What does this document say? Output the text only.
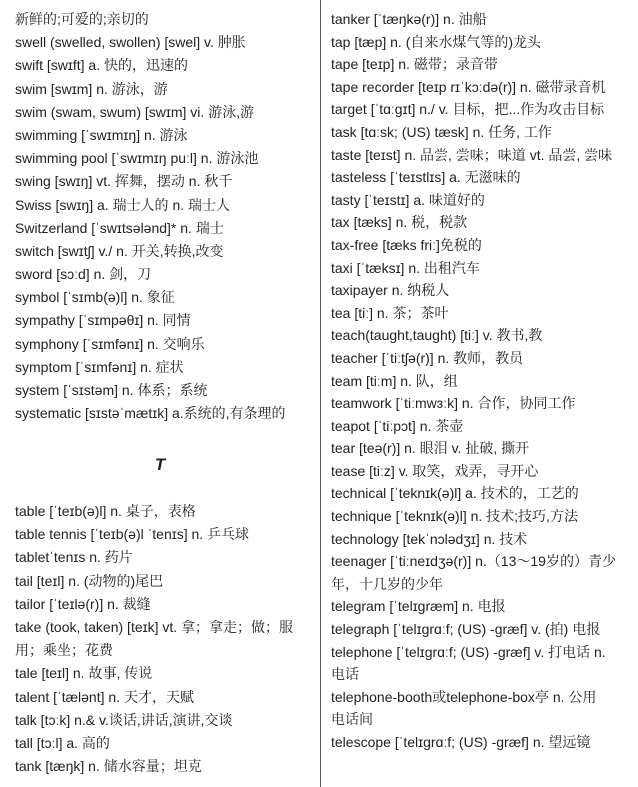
新鲜的;可爱的;亲切的
swell (swelled, swollen) [swel] v. 肿胀
swift [swɪft] a. 快的，迅速的
swim [swɪm] n. 游泳，游
swim (swam, swum) [swɪm] vi. 游泳,游
swimming [ˈswɪmɪŋ] n. 游泳
swimming pool [ˈswɪmɪŋ puːl] n. 游泳池
swing [swɪŋ] vt. 挥舞，摆动 n. 秋千
Swiss [swɪŋ] a. 瑞士人的 n. 瑞士人
Switzerland [ˈswɪtsələnd]* n. 瑞士
switch [swɪtʃ] v./ n. 开关,转换,改变
sword [sɔːd] n. 剑，刀
symbol [ˈsɪmb(ə)l] n. 象征
sympathy [ˈsɪmpəθɪ] n. 同情
symphony [ˈsɪmfənɪ] n. 交响乐
symptom [ˈsɪmfənɪ] n. 症状
system [ˈsɪstəm] n. 体系；系统
systematic [sɪstəˈmætɪk] a.系统的,有条理的
T
table [ˈteɪb(ə)l] n. 桌子，表格
table tennis [ˈteɪb(ə)l ˈtenɪs] n. 乒乓球
tabletˈtenɪs n. 药片
tail [teɪl] n. (动物的)尾巴
tailor [ˈteɪlə(r)] n. 裁缝
take (took, taken) [teɪk] vt. 拿；拿走；做；服
用；乘坐；花费
tale [teɪl] n. 故事, 传说
talent [ˈtælənt] n. 天才，天赋
talk [tɔːk] n.& v.谈话,讲话,演讲,交谈
tall [tɔːl] a. 高的
tank [tæŋk] n. 储水容量；坦克
tanker [ˈtæŋkə(r)] n. 油船
tap [tæp] n. (自来水煤气等的)龙头
tape [teɪp] n. 磁带；录音带
tape recorder [teɪp rɪˈkɔːdə(r)] n. 磁带录音机
target [ˈtɑːgɪt] n./ v. 目标，把...作为攻击目标
task [tɑːsk; (US) tæsk] n. 任务, 工作
taste [teɪst] n. 品尝, 尝味；味道 vt. 品尝, 尝味
tasteless [ˈteɪstlɪs] a. 无滋味的
tasty [ˈteɪstɪ] a. 味道好的
tax [tæks] n. 税，税款
tax-free [tæks friː]免税的
taxi [ˈtæksɪ] n. 出租汽车
taxipayer n. 纳税人
tea [tiː] n. 茶；茶叶
teach(taught,taught) [tiː] v. 教书,教
teacher [ˈtiːtʃə(r)] n. 教师，教员
team [tiːm] n. 队，组
teamwork [ˈtiːmwɜːk] n. 合作，协同工作
teapot [ˈtiːpɔt] n. 茶壶
tear [teə(r)] n. 眼泪 v. 扯破, 撕开
tease [tiːz] v. 取笑，戏弄，寻开心
technical [ˈteknɪk(ə)l] a. 技术的，工艺的
technique [ˈteknɪk(ə)l] n. 技术;技巧,方法
technology [tekˈnɔlədʒɪ] n. 技术
teenager [ˈtiːneɪdʒə(r)] n.（13～19岁的）青少
年，十几岁的少年
telegram [ˈtelɪgræm] n. 电报
telegraph [ˈtelɪgrɑːf; (US) -græf] v. (拍) 电报
telephone [ˈtelɪgrɑːf; (US) -græf] v. 打电话 n.
电话
telephone-booth或telephone-box亭 n. 公用
电话间
telescope [ˈtelɪgrɑːf; (US) -græf] n. 望远镜
